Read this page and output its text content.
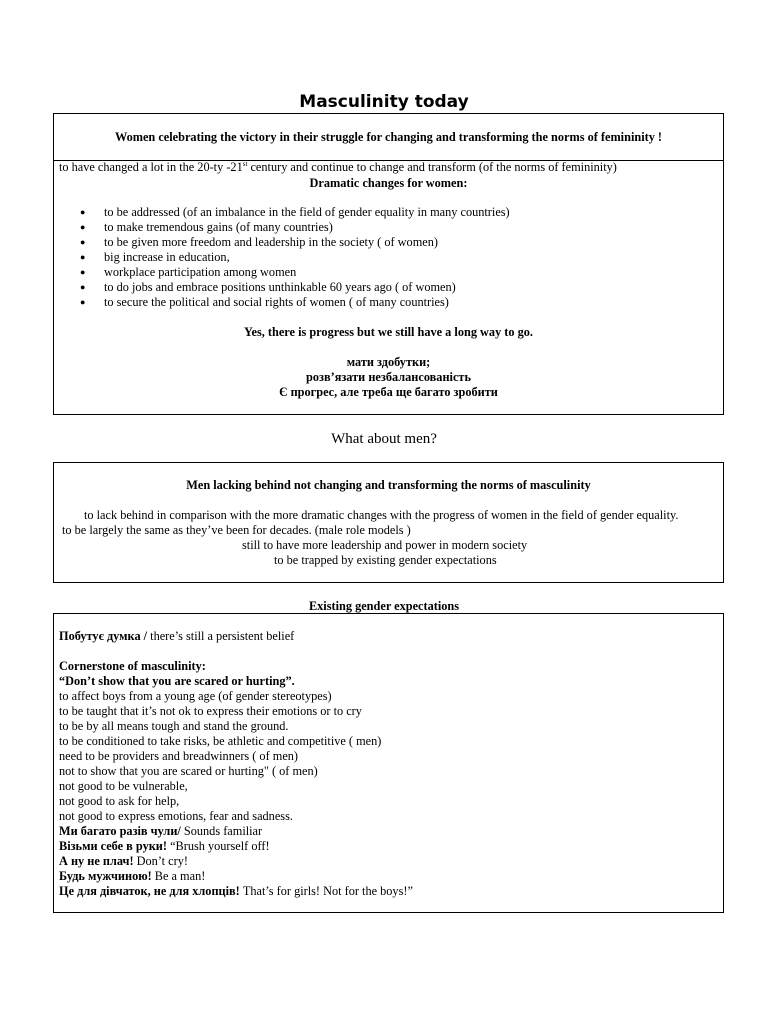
Masculinity today
Women celebrating the victory in their struggle for changing and transforming the norms of femininity !
to have changed a lot in the 20-ty -21st century and continue to change and transform (of the norms of femininity)
Dramatic changes for women:
● to be addressed (of an imbalance in the field of gender equality in many countries)
● to make tremendous gains (of many countries)
● to be given more freedom and leadership in the society ( of women)
● big increase in education,
● workplace participation among women
● to do jobs and embrace positions unthinkable 60 years ago ( of women)
● to secure the political and social rights of women ( of many countries)
Yes, there is progress but we still have a long way to go.
мати здобутки;
розв’язати незбалансованість
Є прогрес, але треба ще багато зробити
What about men?
Men lacking behind not changing and transforming the norms of masculinity
to lack behind in comparison with the more dramatic changes with the progress of women in the field of gender equality.
to be largely the same as they’ve been for decades. (male role models )
still to have more leadership and power in modern society
to be trapped by existing gender expectations
Existing gender expectations
Побутує думка / there’s still a persistent belief
Cornerstone of masculinity:
“Don’t show that you are scared or hurting”.
to affect boys from a young age (of gender stereotypes)
to be taught that it’s not ok to express their emotions or to cry
to be by all means tough and stand the ground.
to be conditioned to take risks, be athletic and competitive ( men)
need to be providers and breadwinners ( of men)
not to show that you are scared or hurting" ( of men)
not good to be vulnerable,
not good to ask for help,
not good to express emotions, fear and sadness.
Ми багато разів чули/ Sounds familiar
Візьми себе в руки! “Brush yourself off!
А ну не плач! Don’t cry!
Будь мужчиною! Be a man!
Це для дівчаток, не для хлопців! That’s for girls! Not for the boys!”
